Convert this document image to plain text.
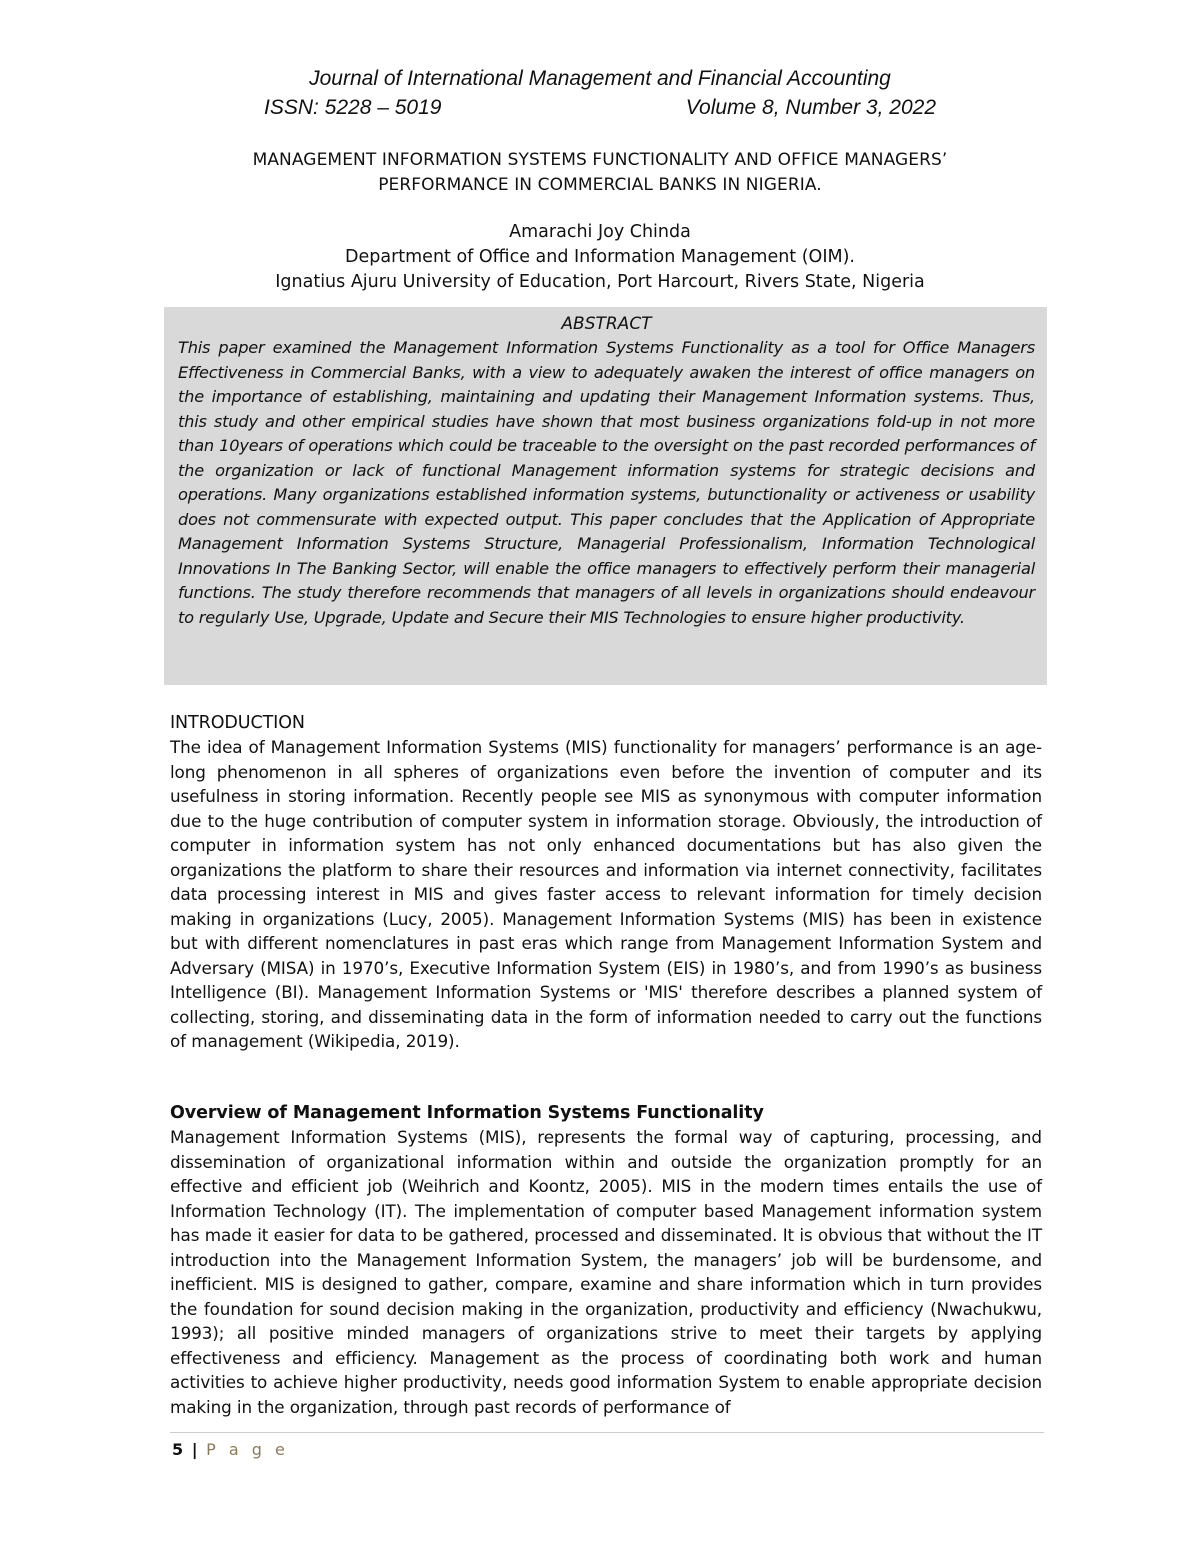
Journal of International Management and Financial Accounting
ISSN: 5228 – 5019	Volume 8, Number 3, 2022
MANAGEMENT INFORMATION SYSTEMS FUNCTIONALITY AND OFFICE MANAGERS’
PERFORMANCE IN COMMERCIAL BANKS IN NIGERIA.
Amarachi Joy Chinda
Department of Office and Information Management (OIM).
Ignatius Ajuru University of Education, Port Harcourt, Rivers State, Nigeria
ABSTRACT
This paper examined the Management Information Systems Functionality as a tool for Office Managers Effectiveness in Commercial Banks, with a view to adequately awaken the interest of office managers on the importance of establishing, maintaining and updating their Management Information systems. Thus, this study and other empirical studies have shown that most business organizations fold-up in not more than 10years of operations which could be traceable to the oversight on the past recorded performances of the organization or lack of functional Management information systems for strategic decisions and operations. Many organizations established information systems, butunctionality or activeness or usability does not commensurate with expected output. This paper concludes that the Application of Appropriate Management Information Systems Structure, Managerial Professionalism, Information Technological Innovations In The Banking Sector, will enable the office managers to effectively perform their managerial functions. The study therefore recommends that managers of all levels in organizations should endeavour to regularly Use, Upgrade, Update and Secure their MIS Technologies to ensure higher productivity.
INTRODUCTION
The idea of Management Information Systems (MIS) functionality for managers’ performance is an age-long phenomenon in all spheres of organizations even before the invention of computer and its usefulness in storing information. Recently people see MIS as synonymous with computer information due to the huge contribution of computer system in information storage. Obviously, the introduction of computer in information system has not only enhanced documentations but has also given the organizations the platform to share their resources and information via internet connectivity, facilitates data processing interest in MIS and gives faster access to relevant information for timely decision making in organizations (Lucy, 2005). Management Information Systems (MIS) has been in existence but with different nomenclatures in past eras which range from Management Information System and Adversary (MISA) in 1970’s, Executive Information System (EIS) in 1980’s, and from 1990’s as business Intelligence (BI). Management Information Systems or 'MIS' therefore describes a planned system of collecting, storing, and disseminating data in the form of information needed to carry out the functions of management (Wikipedia, 2019).
Overview of Management Information Systems Functionality
Management Information Systems (MIS), represents the formal way of capturing, processing, and dissemination of organizational information within and outside the organization promptly for an effective and efficient job (Weihrich and Koontz, 2005). MIS in the modern times entails the use of Information Technology (IT). The implementation of computer based Management information system has made it easier for data to be gathered, processed and disseminated. It is obvious that without the IT introduction into the Management Information System, the managers’ job will be burdensome, and inefficient. MIS is designed to gather, compare, examine and share information which in turn provides the foundation for sound decision making in the organization, productivity and efficiency (Nwachukwu, 1993); all positive minded managers of organizations strive to meet their targets by applying effectiveness and efficiency. Management as the process of coordinating both work and human activities to achieve higher productivity, needs good information System to enable appropriate decision making in the organization, through past records of performance of
5 | P a g e
